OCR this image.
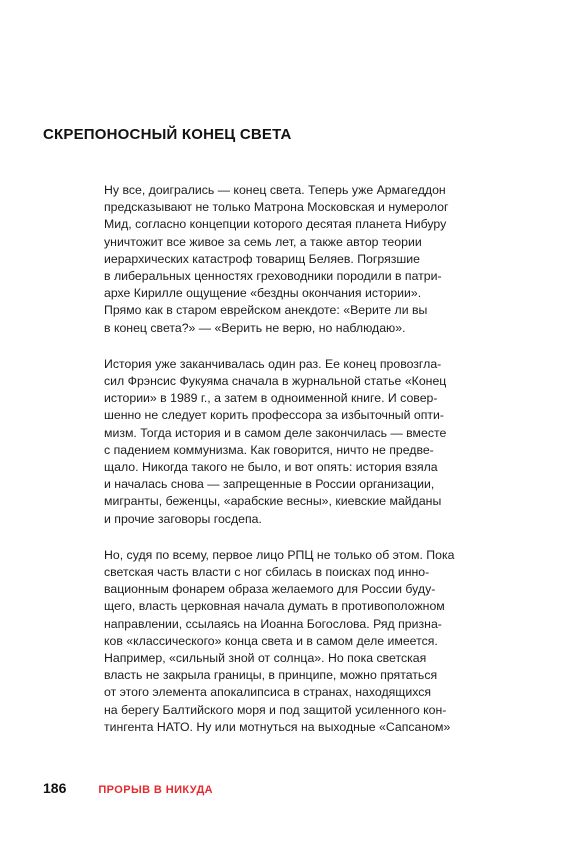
СКРЕПОНОСНЫЙ КОНЕЦ СВЕТА

Ну все, доигрались — конец света. Теперь уже Армагеддон
предсказывают не только Матрона Московская и нумеролог
Мид, согласно концепции которого десятая планета Нибуру
уничтожит все живое за семь лет, а также автор теории
иерархических катастроф товарищ Беляев. Погрязшие
в либеральных ценностях греховодники породили в патри-
архе Кирилле ощущение «бездны окончания истории».
Прямо как в старом еврейском анекдоте: «Верите ли вы
в конец света?» — «Верить не верю, но наблюдаю».

История уже заканчивалась один раз. Ее конец провозгла-
сил Фрэнсис Фукуяма сначала в журнальной статье «Конец
истории» в 1989 г., а затем в одноименной книге. И совер-
шенно не следует корить профессора за избыточный опти-
мизм. Тогда история и в самом деле закончилась — вместе
с падением коммунизма. Как говорится, ничто не предве-
щало. Никогда такого не было, и вот опять: история взяла
и началась снова — запрещенные в России организации,
мигранты, беженцы, «арабские весны», киевские майданы
и прочие заговоры госдепа.

Но, судя по всему, первое лицо РПЦ не только об этом. Пока
светская часть власти с ног сбилась в поисках под инно-
вационным фонарем образа желаемого для России буду-
щего, власть церковная начала думать в противоположном
направлении, ссылаясь на Иоанна Богослова. Ряд призна-
ков «классического» конца света и в самом деле имеется.
Например, «сильный зной от солнца». Но пока светская
власть не закрыла границы, в принципе, можно прятаться
от этого элемента апокалипсиса в странах, находящихся
на берегу Балтийского моря и под защитой усиленного кон-
тингента НАТО. Ну или мотнуться на выходные «Сапсаном»

186	ПРОРЫВ В НИКУДА
